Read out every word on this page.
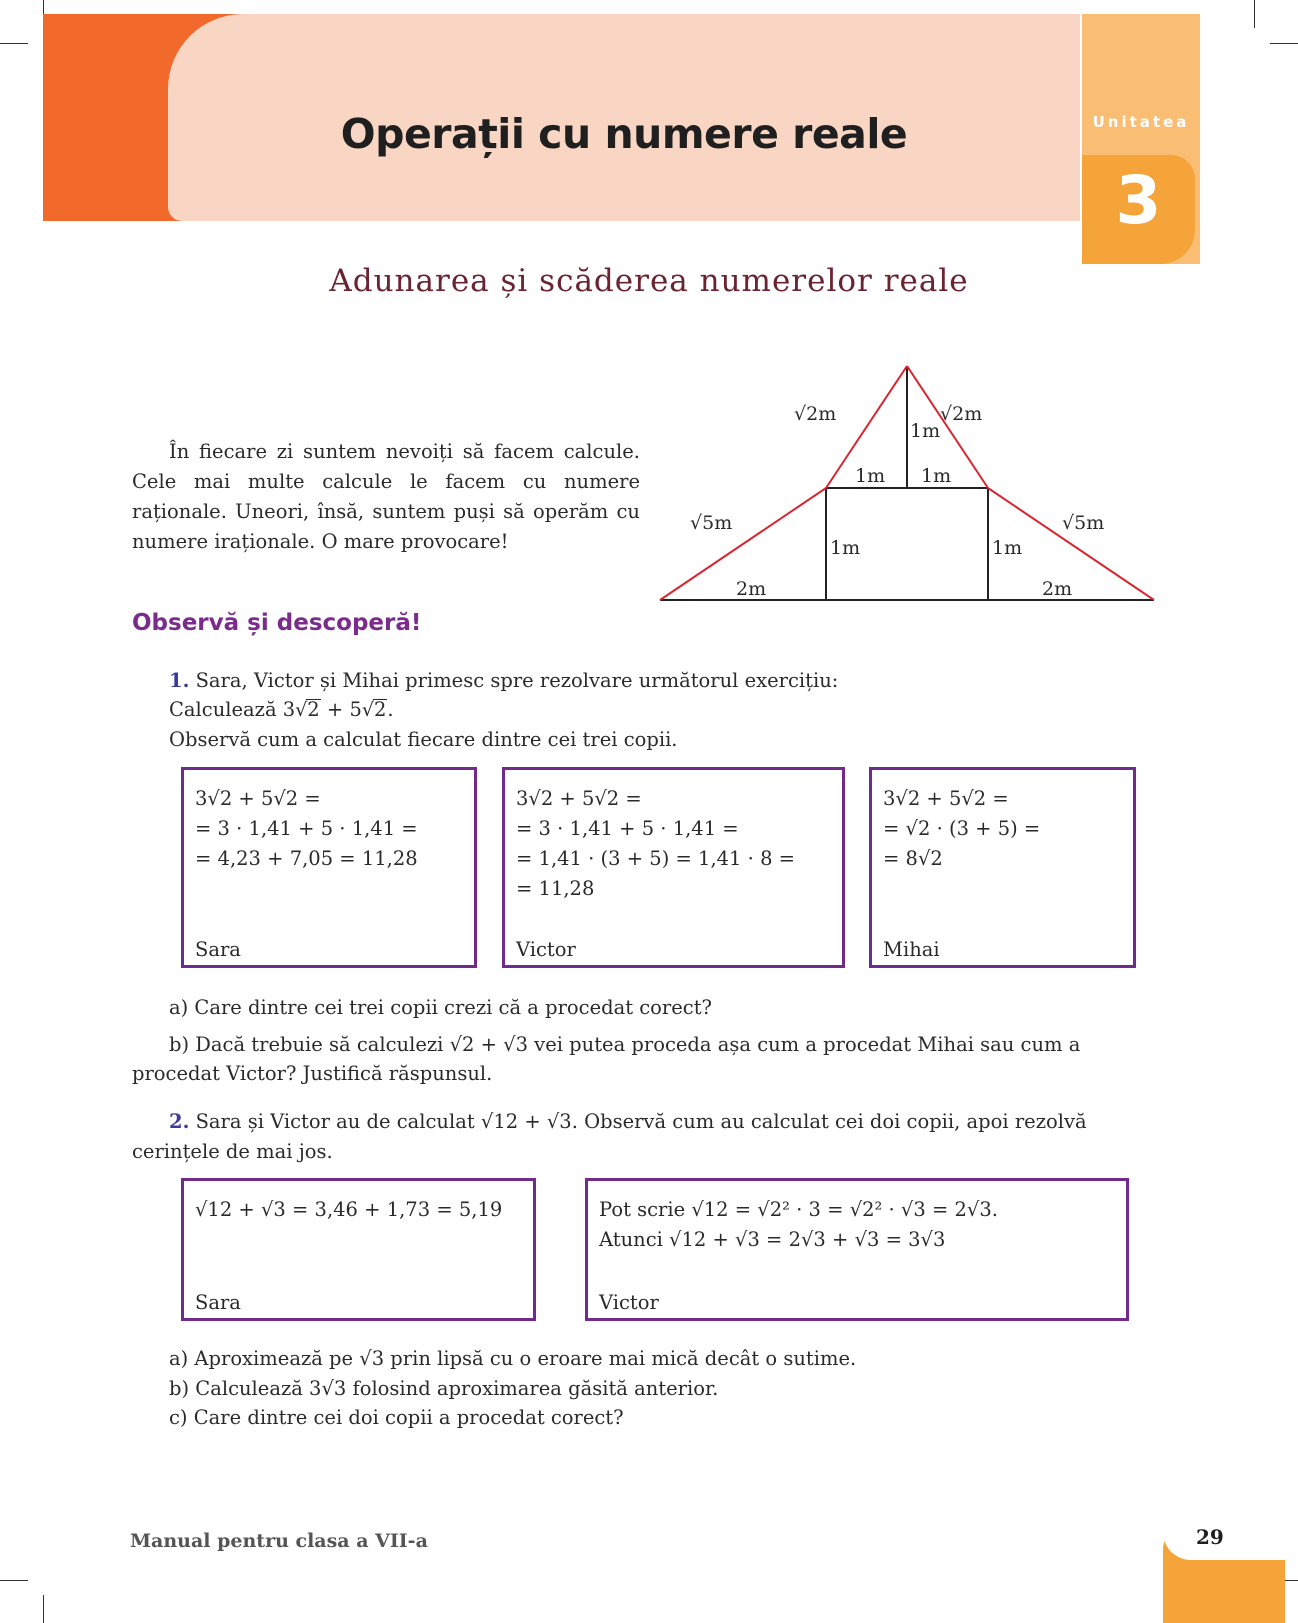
Operații cu numere reale	Unitatea
3
Adunarea și scăderea numerelor reale
În fiecare zi suntem nevoiți să facem calcule. Cele mai multe calcule le facem cu numere raționale. Uneori, însă, suntem puși să operăm cu numere iraționale. O mare provocare!
√2m	√2m
1m
1m 1m
√5m	√5m
1m	1m
2m	2m
Observă și descoperă!
1. Sara, Victor și Mihai primesc spre rezolvare următorul exercițiu:
Calculează 3√2 + 5√2.
Observă cum a calculat fiecare dintre cei trei copii.
3√2 + 5√2 =
= 3 · 1,41 + 5 · 1,41 =
= 4,23 + 7,05 = 11,28
Sara
3√2 + 5√2 =
= 3 · 1,41 + 5 · 1,41 =
= 1,41 · (3 + 5) = 1,41 · 8 =
= 11,28
Victor
3√2 + 5√2 =
= √2 · (3 + 5) =
= 8√2
Mihai
a) Care dintre cei trei copii crezi că a procedat corect?
b) Dacă trebuie să calculezi √2 + √3 vei putea proceda așa cum a procedat Mihai sau cum a
procedat Victor? Justifică răspunsul.
2. Sara și Victor au de calculat √12 + √3. Observă cum au calculat cei doi copii, apoi rezolvă
cerințele de mai jos.
√12 + √3 = 3,46 + 1,73 = 5,19
Sara
Pot scrie √12 = √2² · 3 = √2² · √3 = 2√3.
Atunci √12 + √3 = 2√3 + √3 = 3√3
Victor
a) Aproximează pe √3 prin lipsă cu o eroare mai mică decât o sutime.
b) Calculează 3√3 folosind aproximarea găsită anterior.
c) Care dintre cei doi copii a procedat corect?
Manual pentru clasa a VII-a	29
